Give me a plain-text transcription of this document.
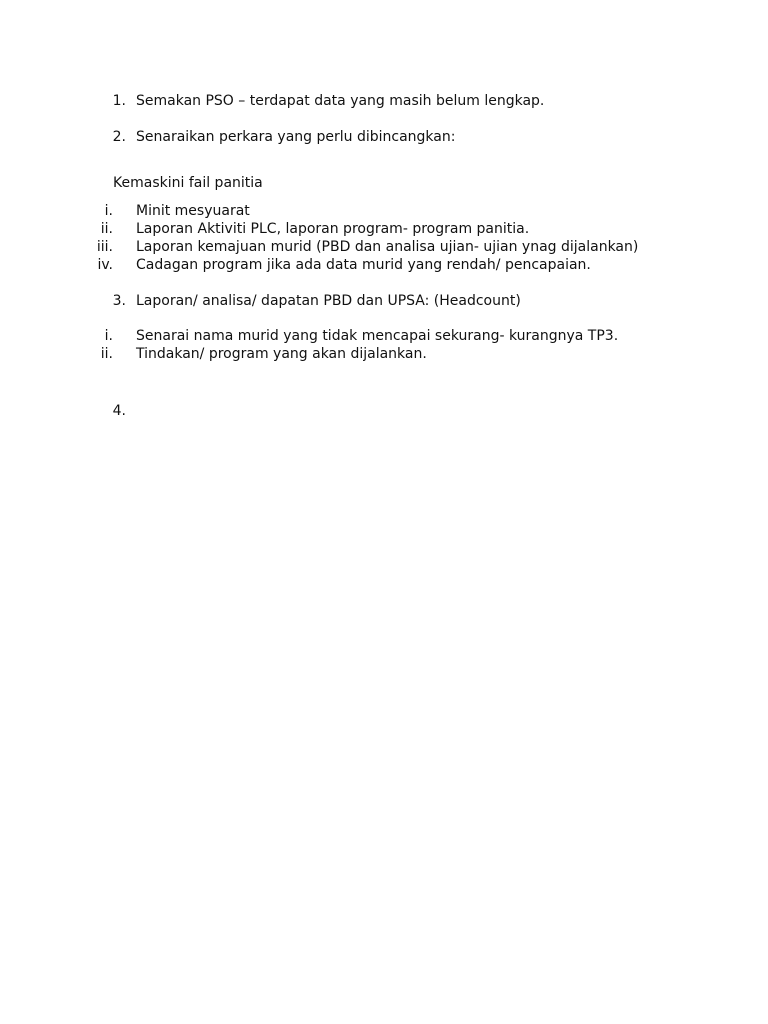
1. Semakan PSO – terdapat data yang masih belum lengkap.
2. Senaraikan perkara yang perlu dibincangkan:
Kemaskini fail panitia
i. Minit mesyuarat
ii. Laporan Aktiviti PLC, laporan program- program panitia.
iii. Laporan kemajuan murid (PBD dan analisa ujian- ujian ynag dijalankan)
iv. Cadagan program jika ada data murid yang rendah/ pencapaian.
3. Laporan/ analisa/ dapatan PBD dan UPSA: (Headcount)
i. Senarai nama murid yang tidak mencapai sekurang- kurangnya TP3.
ii. Tindakan/ program yang akan dijalankan.
4.
